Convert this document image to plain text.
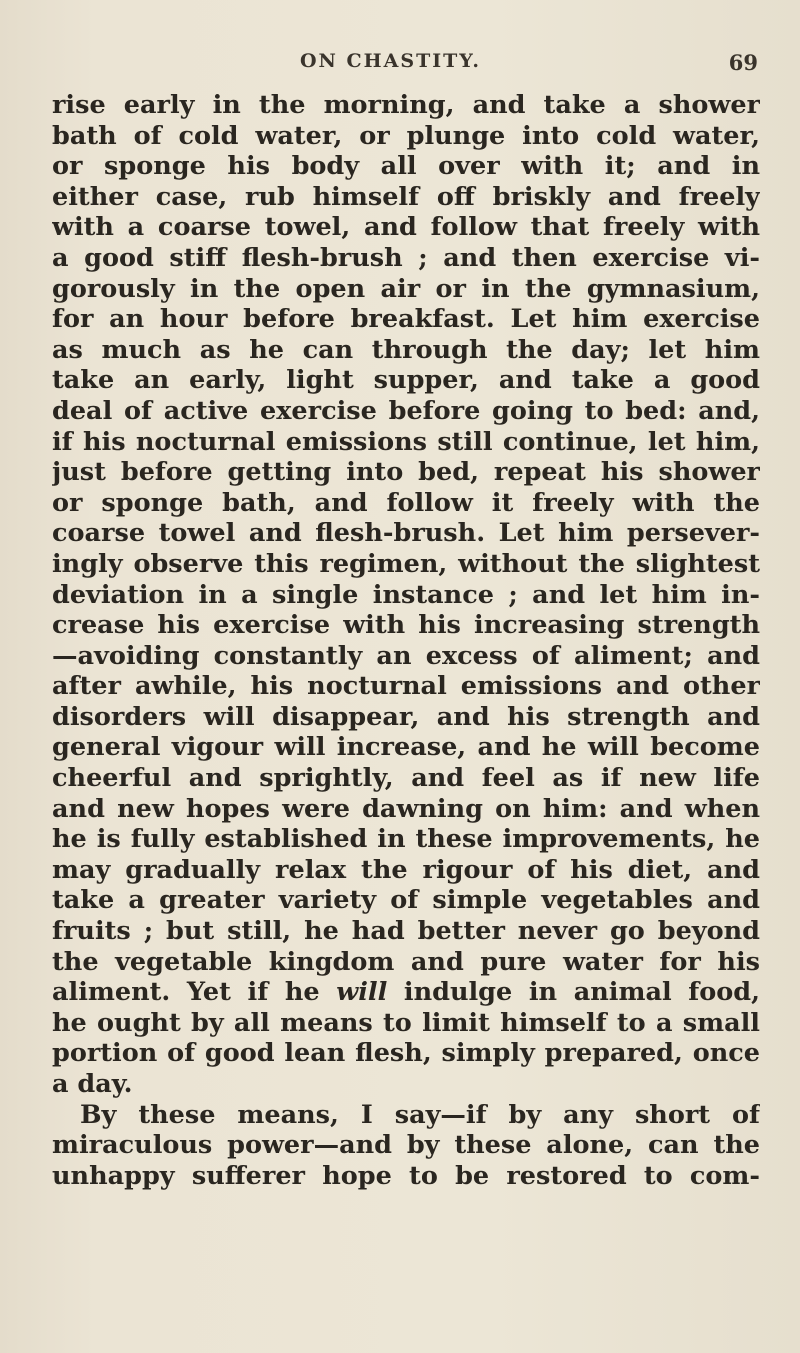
ON CHASTITY.	69
rise early in the morning, and take a shower
bath of cold water, or plunge into cold water,
or sponge his body all over with it; and in
either case, rub himself off briskly and freely
with a coarse towel, and follow that freely with
a good stiff flesh-brush ; and then exercise vi-
gorously in the open air or in the gymnasium,
for an hour before breakfast. Let him exercise
as much as he can through the day; let him
take an early, light supper, and take a good
deal of active exercise before going to bed: and,
if his nocturnal emissions still continue, let him,
just before getting into bed, repeat his shower
or sponge bath, and follow it freely with the
coarse towel and flesh-brush. Let him persever-
ingly observe this regimen, without the slightest
deviation in a single instance ; and let him in-
crease his exercise with his increasing strength
—avoiding constantly an excess of aliment; and
after awhile, his nocturnal emissions and other
disorders will disappear, and his strength and
general vigour will increase, and he will become
cheerful and sprightly, and feel as if new life
and new hopes were dawning on him: and when
he is fully established in these improvements, he
may gradually relax the rigour of his diet, and
take a greater variety of simple vegetables and
fruits ; but still, he had better never go beyond
the vegetable kingdom and pure water for his
aliment. Yet if he will indulge in animal food,
he ought by all means to limit himself to a small
portion of good lean flesh, simply prepared, once
a day.
By these means, I say—if by any short of
miraculous power—and by these alone, can the
unhappy sufferer hope to be restored to com-
